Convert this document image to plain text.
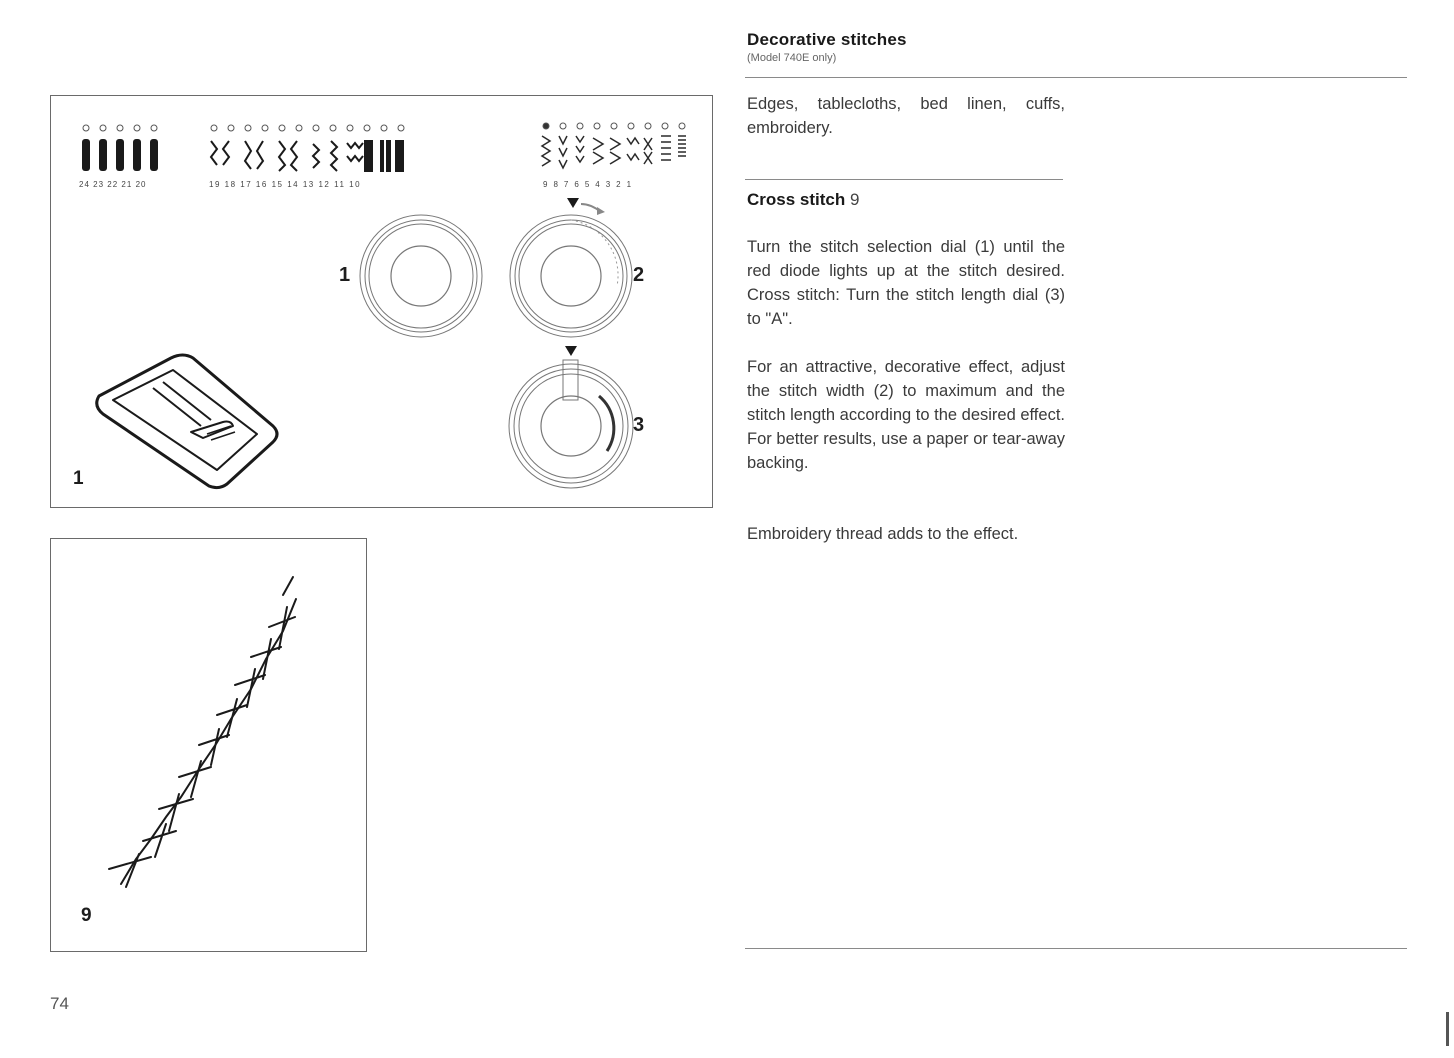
24 23 22 21 20	19 18 17 16 15 14 13 12 11 10	987654321
1	2
3
1
9

Decorative stitches

(Model 740E only)

Edges, tablecloths, bed linen, cuffs, embroidery.

Cross stitch 9

Turn the stitch selection dial (1) until the red diode lights up at the stitch desired. Cross stitch: Turn the stitch length dial (3) to "A".

For an attractive, decorative effect, adjust the stitch width (2) to maximum and the stitch length according to the desired effect. For better results, use a paper or tear-away backing.

Embroidery thread adds to the effect.

74
